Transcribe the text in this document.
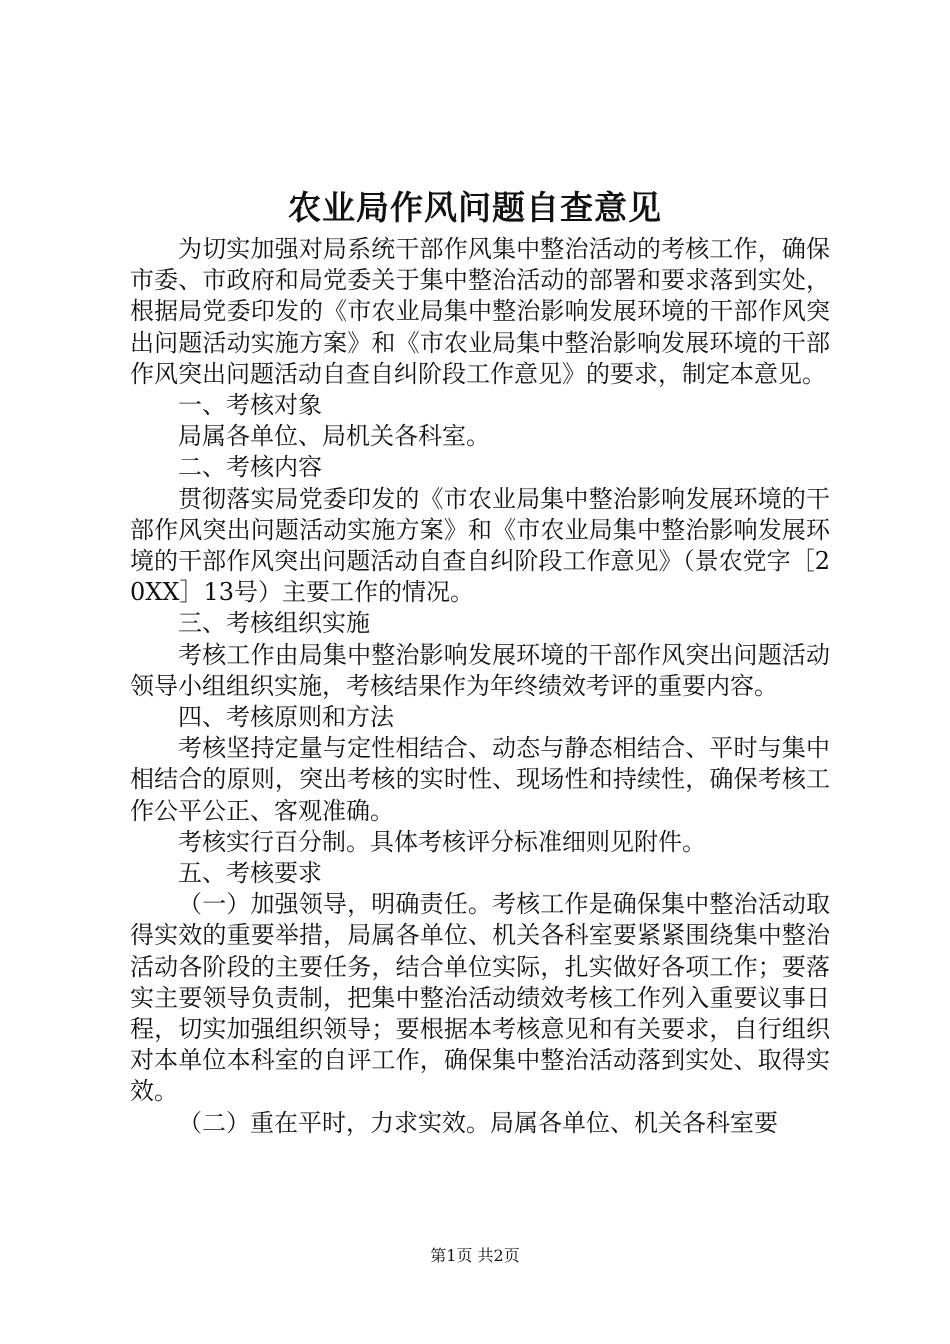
农业局作风问题自查意见

为切实加强对局系统干部作风集中整治活动的考核工作，确保市委、市政府和局党委关于集中整治活动的部署和要求落到实处，根据局党委印发的《市农业局集中整治影响发展环境的干部作风突出问题活动实施方案》和《市农业局集中整治影响发展环境的干部作风突出问题活动自查自纠阶段工作意见》的要求，制定本意见。

一、考核对象

局属各单位、局机关各科室。

二、考核内容

贯彻落实局党委印发的《市农业局集中整治影响发展环境的干部作风突出问题活动实施方案》和《市农业局集中整治影响发展环境的干部作风突出问题活动自查自纠阶段工作意见》（景农党字［20XX］13号）主要工作的情况。

三、考核组织实施

考核工作由局集中整治影响发展环境的干部作风突出问题活动领导小组组织实施，考核结果作为年终绩效考评的重要内容。

四、考核原则和方法

考核坚持定量与定性相结合、动态与静态相结合、平时与集中相结合的原则，突出考核的实时性、现场性和持续性，确保考核工作公平公正、客观准确。

考核实行百分制。具体考核评分标准细则见附件。

五、考核要求

（一）加强领导，明确责任。考核工作是确保集中整治活动取得实效的重要举措，局属各单位、机关各科室要紧紧围绕集中整治活动各阶段的主要任务，结合单位实际，扎实做好各项工作；要落实主要领导负责制，把集中整治活动绩效考核工作列入重要议事日程，切实加强组织领导；要根据本考核意见和有关要求，自行组织对本单位本科室的自评工作，确保集中整治活动落到实处、取得实效。

（二）重在平时，力求实效。局属各单位、机关各科室要

第1页 共2页
